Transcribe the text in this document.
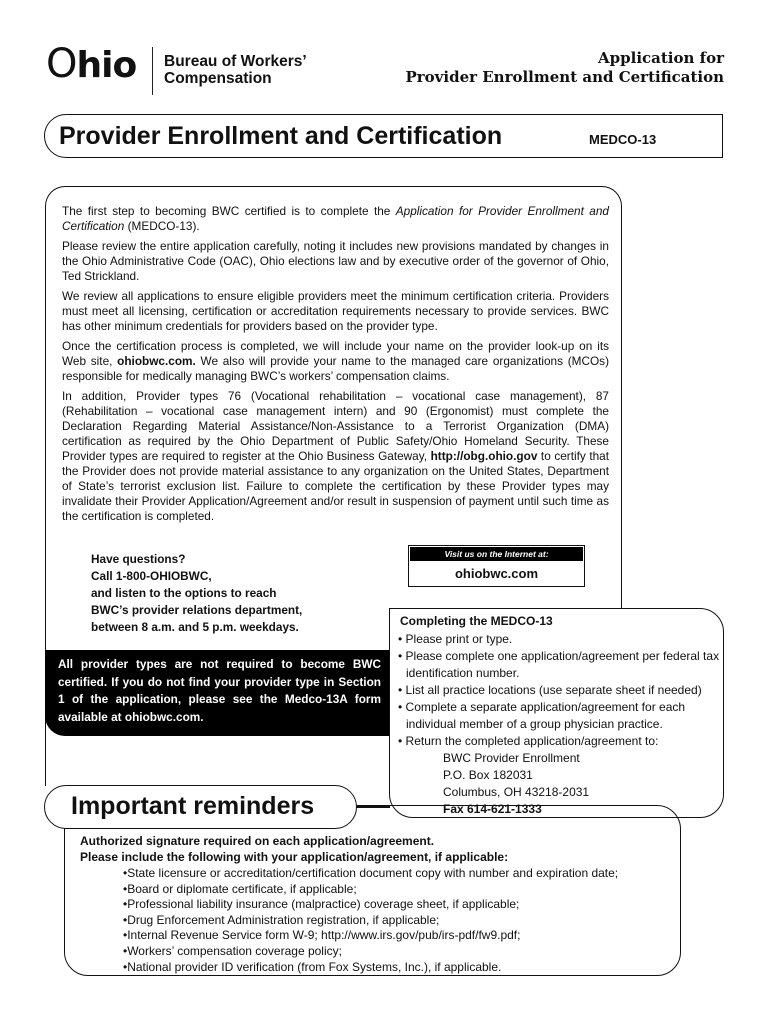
Ohio Bureau of Workers’
Compensation
Application for
Provider Enrollment and Certification
Provider Enrollment and Certification	MEDCO-13

The first step to becoming BWC certified is to complete the Application for Provider Enrollment and Certification (MEDCO-13).

Please review the entire application carefully, noting it includes new provisions mandated by changes in the Ohio Administrative Code (OAC), Ohio elections law and by executive order of the governor of Ohio, Ted Strickland.

We review all applications to ensure eligible providers meet the minimum certification criteria. Providers must meet all licensing, certification or accreditation requirements necessary to provide services. BWC has other minimum credentials for providers based on the provider type.

Once the certification process is completed, we will include your name on the provider look-up on its Web site, ohiobwc.com. We also will provide your name to the managed care organizations (MCOs) responsible for medically managing BWC’s workers’ compensation claims.

In addition, Provider types 76 (Vocational rehabilitation – vocational case management), 87 (Rehabilitation – vocational case management intern) and 90 (Ergonomist) must complete the Declaration Regarding Material Assistance/Non-Assistance to a Terrorist Organization (DMA) certification as required by the Ohio Department of Public Safety/Ohio Homeland Security. These Provider types are required to register at the Ohio Business Gateway, http://obg.ohio.gov to certify that the Provider does not provide material assistance to any organization on the United States, Department of State’s terrorist exclusion list. Failure to complete the certification by these Provider types may invalidate their Provider Application/Agreement and/or result in suspension of payment until such time as the certification is completed.

Have questions?
Call 1-800-OHIOBWC,
and listen to the options to reach
BWC’s provider relations department,
between 8 a.m. and 5 p.m. weekdays.
Visit us on the Internet at:
ohiobwc.com
All provider types are not required to become BWC certified. If you do not find your provider type in Section 1 of the application, please see the Medco-13A form available at ohiobwc.com.
Completing the MEDCO-13
• Please print or type.
• Please complete one application/agreement per federal tax identification number.
• List all practice locations (use separate sheet if needed)
• Complete a separate application/agreement for each individual member of a group physician practice.
• Return the completed application/agreement to:
BWC Provider Enrollment
P.O. Box 182031
Columbus, OH 43218-2031
Fax 614-621-1333
Important reminders
Authorized signature required on each application/agreement.
Please include the following with your application/agreement, if applicable:
•State licensure or accreditation/certification document copy with number and expiration date;
•Board or diplomate certificate, if applicable;
•Professional liability insurance (malpractice) coverage sheet, if applicable;
•Drug Enforcement Administration registration, if applicable;
•Internal Revenue Service form W-9; http://www.irs.gov/pub/irs-pdf/fw9.pdf;
•Workers’ compensation coverage policy;
•National provider ID verification (from Fox Systems, Inc.), if applicable.
